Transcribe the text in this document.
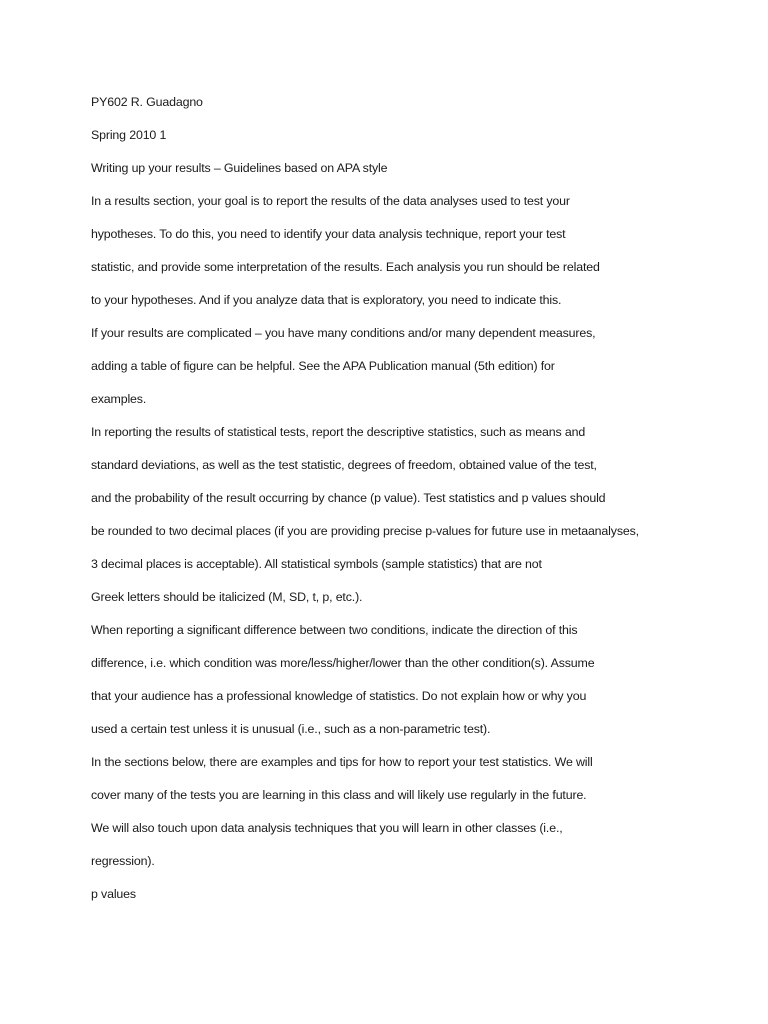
PY602 R. Guadagno

Spring 2010 1

Writing up your results – Guidelines based on APA style

In a results section, your goal is to report the results of the data analyses used to test your

hypotheses. To do this, you need to identify your data analysis technique, report your test

statistic, and provide some interpretation of the results. Each analysis you run should be related

to your hypotheses. And if you analyze data that is exploratory, you need to indicate this.

If your results are complicated – you have many conditions and/or many dependent measures,

adding a table of figure can be helpful. See the APA Publication manual (5th edition) for

examples.

In reporting the results of statistical tests, report the descriptive statistics, such as means and

standard deviations, as well as the test statistic, degrees of freedom, obtained value of the test,

and the probability of the result occurring by chance (p value). Test statistics and p values should

be rounded to two decimal places (if you are providing precise p-values for future use in metaanalyses,

3 decimal places is acceptable). All statistical symbols (sample statistics) that are not

Greek letters should be italicized (M, SD, t, p, etc.).

When reporting a significant difference between two conditions, indicate the direction of this

difference, i.e. which condition was more/less/higher/lower than the other condition(s). Assume

that your audience has a professional knowledge of statistics. Do not explain how or why you

used a certain test unless it is unusual (i.e., such as a non-parametric test).

In the sections below, there are examples and tips for how to report your test statistics. We will

cover many of the tests you are learning in this class and will likely use regularly in the future.

We will also touch upon data analysis techniques that you will learn in other classes (i.e.,

regression).

p values
